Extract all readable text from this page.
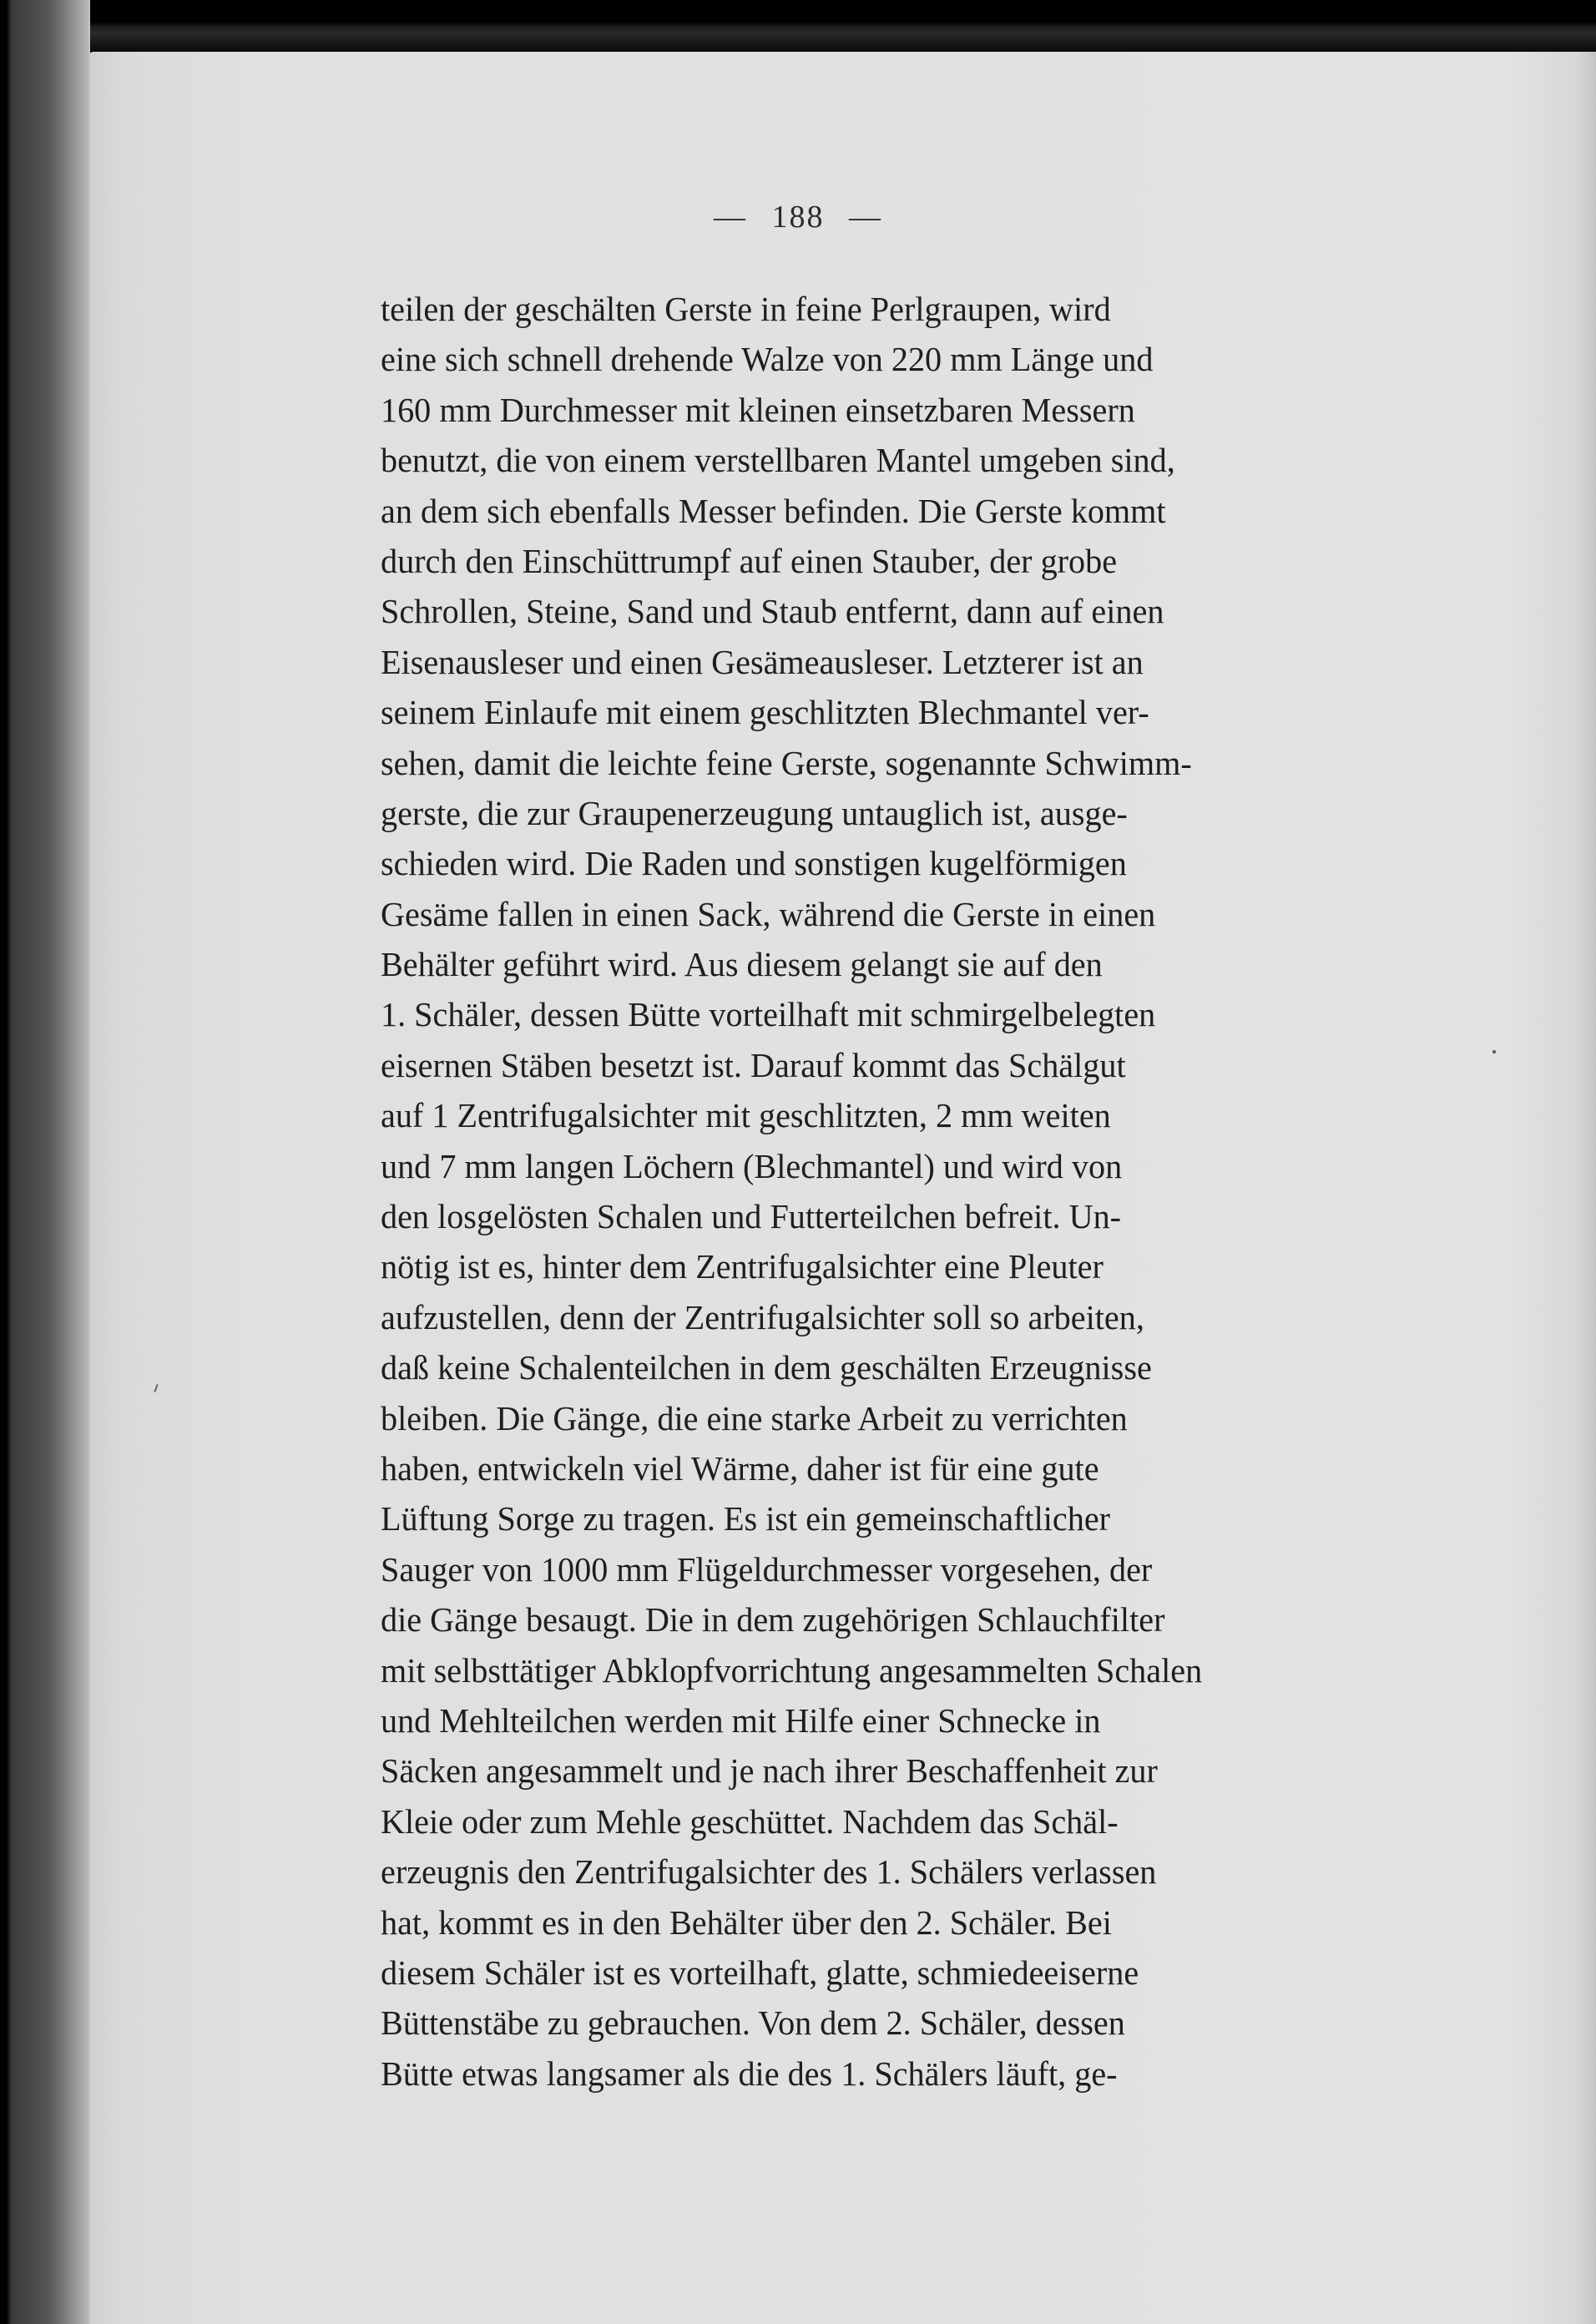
— 188 —
teilen der geschälten Gerste in feine Perlgraupen, wird
eine sich schnell drehende Walze von 220 mm Länge und
160 mm Durchmesser mit kleinen einsetzbaren Messern
benutzt, die von einem verstellbaren Mantel umgeben sind,
an dem sich ebenfalls Messer befinden. Die Gerste kommt
durch den Einschüttrumpf auf einen Stauber, der grobe
Schrollen, Steine, Sand und Staub entfernt, dann auf einen
Eisenausleser und einen Gesämeausleser. Letzterer ist an
seinem Einlaufe mit einem geschlitzten Blechmantel ver-
sehen, damit die leichte feine Gerste, sogenannte Schwimm-
gerste, die zur Graupenerzeugung untauglich ist, ausge-
schieden wird. Die Raden und sonstigen kugelförmigen
Gesäme fallen in einen Sack, während die Gerste in einen
Behälter geführt wird. Aus diesem gelangt sie auf den
1. Schäler, dessen Bütte vorteilhaft mit schmirgelbelegten
eisernen Stäben besetzt ist. Darauf kommt das Schälgut
auf 1 Zentrifugalsichter mit geschlitzten, 2 mm weiten
und 7 mm langen Löchern (Blechmantel) und wird von
den losgelösten Schalen und Futterteilchen befreit. Un-
nötig ist es, hinter dem Zentrifugalsichter eine Pleuter
aufzustellen, denn der Zentrifugalsichter soll so arbeiten,
daß keine Schalenteilchen in dem geschälten Erzeugnisse
bleiben. Die Gänge, die eine starke Arbeit zu verrichten
haben, entwickeln viel Wärme, daher ist für eine gute
Lüftung Sorge zu tragen. Es ist ein gemeinschaftlicher
Sauger von 1000 mm Flügeldurchmesser vorgesehen, der
die Gänge besaugt. Die in dem zugehörigen Schlauchfilter
mit selbsttätiger Abklopfvorrichtung angesammelten Schalen
und Mehlteilchen werden mit Hilfe einer Schnecke in
Säcken angesammelt und je nach ihrer Beschaffenheit zur
Kleie oder zum Mehle geschüttet. Nachdem das Schäl-
erzeugnis den Zentrifugalsichter des 1. Schälers verlassen
hat, kommt es in den Behälter über den 2. Schäler. Bei
diesem Schäler ist es vorteilhaft, glatte, schmiedeeiserne
Büttenstäbe zu gebrauchen. Von dem 2. Schäler, dessen
Bütte etwas langsamer als die des 1. Schälers läuft, ge-
